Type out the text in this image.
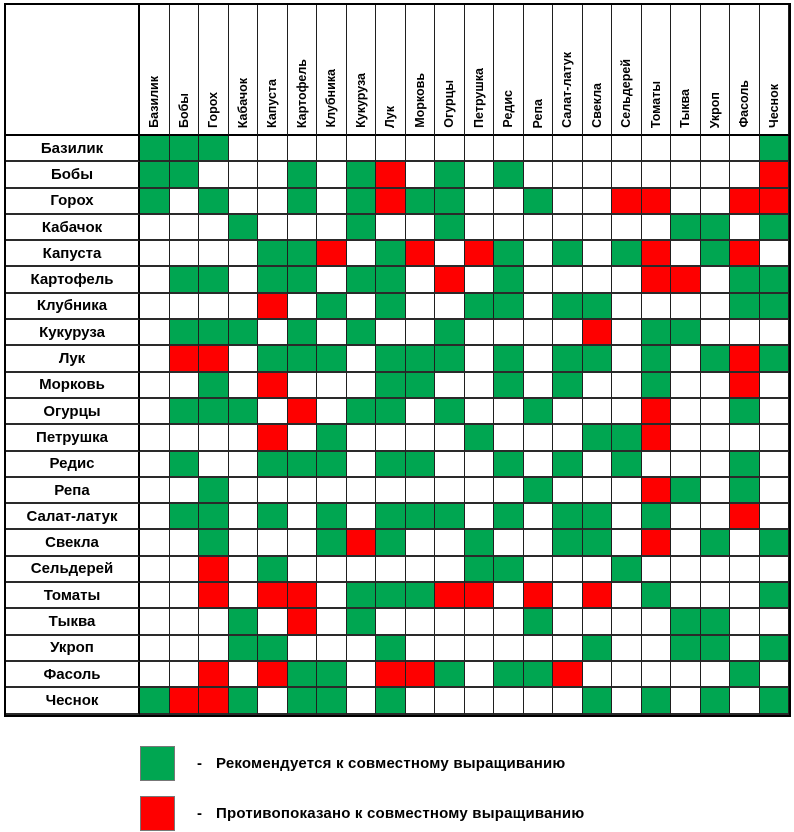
Базилик Бобы Горох Кабачок Капуста Картофель Клубника Кукуруза Лук Морковь Огурцы Петрушка Редис Репа Салат-латук Свекла Сельдерей Томаты Тыква Укроп Фасоль Чеснок
Базилик
Бобы
Горох
Кабачок
Капуста
Картофель
Клубника
Кукуруза
Лук
Морковь
Огурцы
Петрушка
Редис
Репа
Салат-латук
Свекла
Сельдерей
Томаты
Тыква
Укроп
Фасоль
Чеснок
- Рекомендуется к совместному выращиванию
- Противопоказано к совместному выращиванию
